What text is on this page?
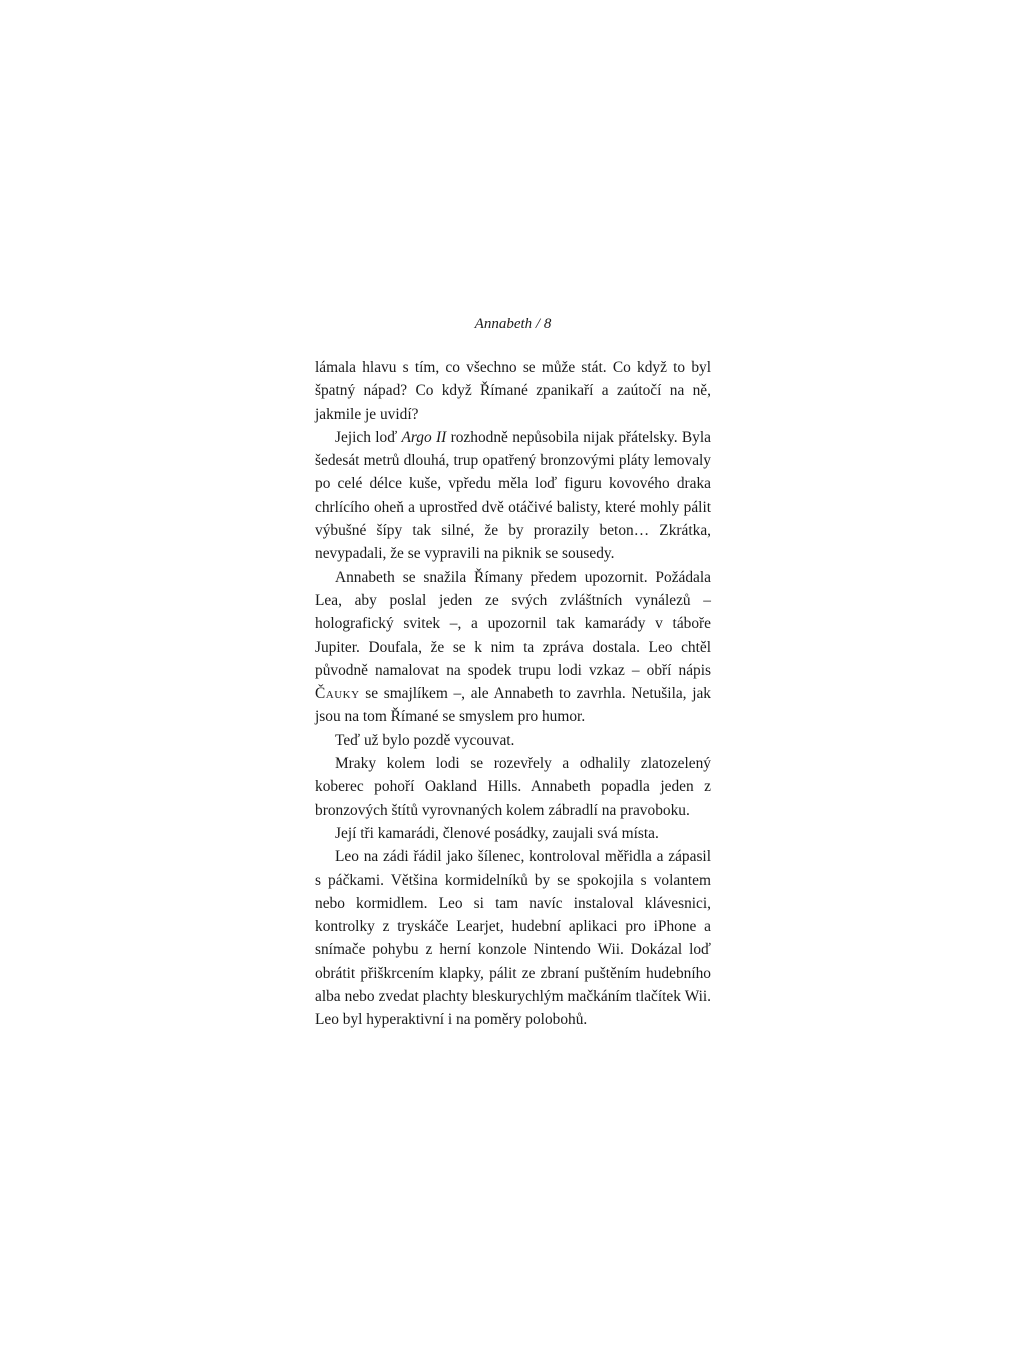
Annabeth / 8

lámala hlavu s tím, co všechno se může stát. Co když to byl špatný nápad? Co když Římané zpanikaří a zaútočí na ně, jakmile je uvidí?

Jejich loď Argo II rozhodně nepůsobila nijak přátelsky. Byla šedesát metrů dlouhá, trup opatřený bronzovými pláty lemovaly po celé délce kuše, vpředu měla loď figuru kovového draka chrlícího oheň a uprostřed dvě otáčivé balisty, které mohly pálit výbušné šípy tak silné, že by prorazily beton… Zkrátka, nevypadali, že se vypravili na piknik se sousedy.

Annabeth se snažila Římany předem upozornit. Požádala Lea, aby poslal jeden ze svých zvláštních vynálezů – holografický svitek –, a upozornil tak kamarády v táboře Jupiter. Doufala, že se k nim ta zpráva dostala. Leo chtěl původně namalovat na spodek trupu lodi vzkaz – obří nápis Čauky se smajlíkem –, ale Annabeth to zavrhla. Netušila, jak jsou na tom Římané se smyslem pro humor.

Teď už bylo pozdě vycouvat.

Mraky kolem lodi se rozevřely a odhalily zlatozelený koberec pohoří Oakland Hills. Annabeth popadla jeden z bronzových štítů vyrovnaných kolem zábradlí na pravoboku.

Její tři kamarádi, členové posádky, zaujali svá místa.

Leo na zádi řádil jako šílenec, kontroloval měřidla a zápasil s páčkami. Většina kormidelníků by se spokojila s volantem nebo kormidlem. Leo si tam navíc instaloval klávesnici, kontrolky z tryskáče Learjet, hudební aplikaci pro iPhone a snímače pohybu z herní konzole Nintendo Wii. Dokázal loď obrátit přiškrcením klapky, pálit ze zbraní puštěním hudebního alba nebo zvedat plachty bleskurychlým mačkáním tlačítek Wii. Leo byl hyperaktivní i na poměry polobohů.
